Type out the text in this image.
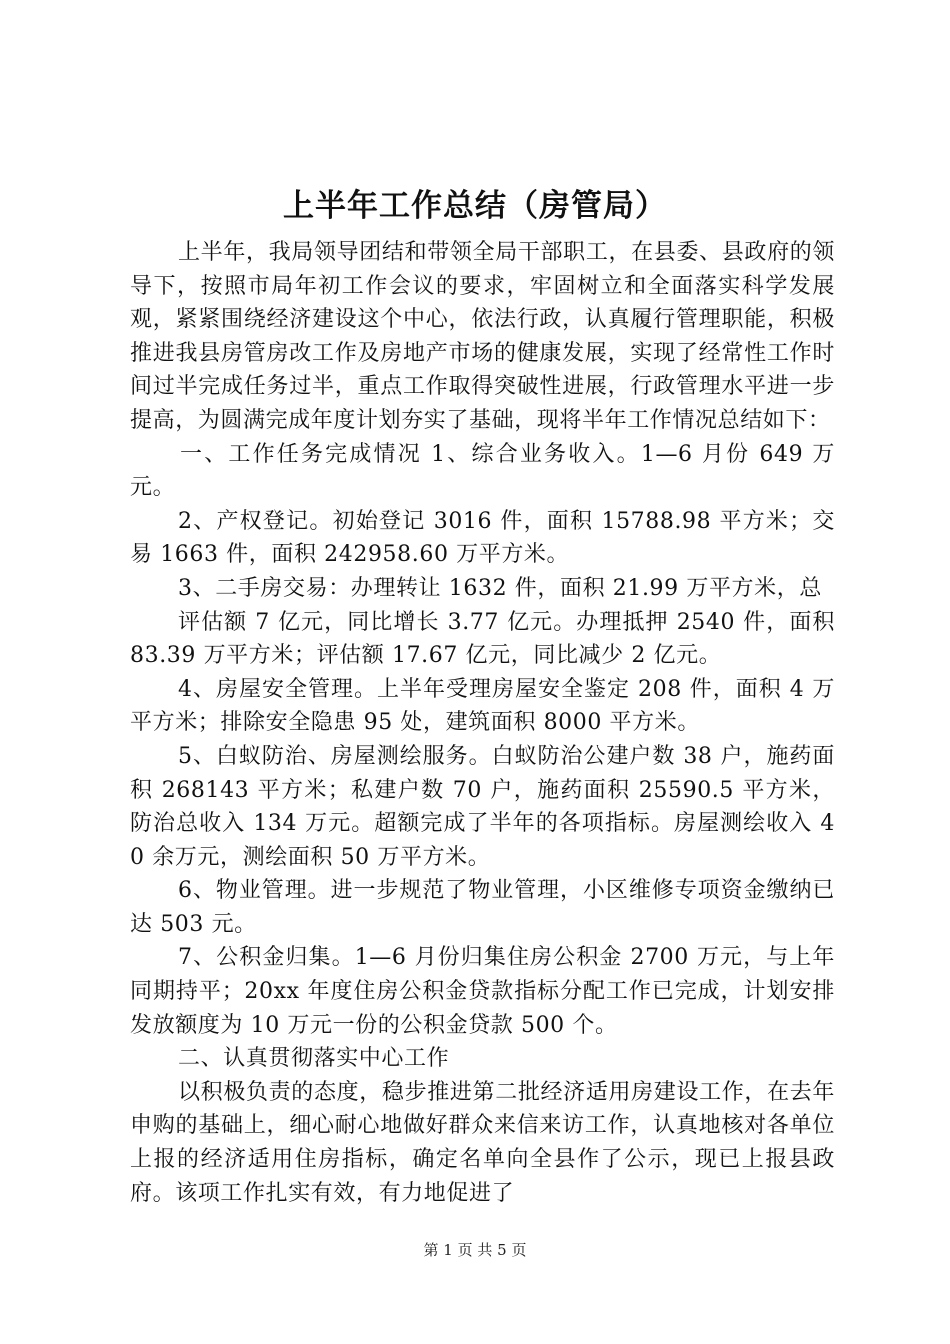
上半年工作总结（房管局）

上半年，我局领导团结和带领全局干部职工，在县委、县政府的领导下，按照市局年初工作会议的要求，牢固树立和全面落实科学发展观，紧紧围绕经济建设这个中心，依法行政，认真履行管理职能，积极推进我县房管房改工作及房地产市场的健康发展，实现了经常性工作时间过半完成任务过半，重点工作取得突破性进展，行政管理水平进一步提高，为圆满完成年度计划夯实了基础，现将半年工作情况总结如下：

一、工作任务完成情况 1、综合业务收入。1—6 月份 649 万元。

2、产权登记。初始登记 3016 件，面积 15788.98 平方米；交易 1663 件，面积 242958.60 万平方米。

3、二手房交易：办理转让 1632 件，面积 21.99 万平方米，总

评估额 7 亿元，同比增长 3.77 亿元。办理抵押 2540 件，面积 83.39 万平方米；评估额 17.67 亿元，同比减少 2 亿元。

4、房屋安全管理。上半年受理房屋安全鉴定 208 件，面积 4 万平方米；排除安全隐患 95 处，建筑面积 8000 平方米。

5、白蚁防治、房屋测绘服务。白蚁防治公建户数 38 户，施药面积 268143 平方米；私建户数 70 户，施药面积 25590.5 平方米，防治总收入 134 万元。超额完成了半年的各项指标。房屋测绘收入 40 余万元，测绘面积 50 万平方米。

6、物业管理。进一步规范了物业管理，小区维修专项资金缴纳已达 503 元。

7、公积金归集。1—6 月份归集住房公积金 2700 万元，与上年同期持平；20xx 年度住房公积金贷款指标分配工作已完成，计划安排发放额度为 10 万元一份的公积金贷款 500 个。

二、认真贯彻落实中心工作

以积极负责的态度，稳步推进第二批经济适用房建设工作，在去年申购的基础上，细心耐心地做好群众来信来访工作，认真地核对各单位上报的经济适用住房指标，确定名单向全县作了公示，现已上报县政府。该项工作扎实有效，有力地促进了

第 1 页 共 5 页
